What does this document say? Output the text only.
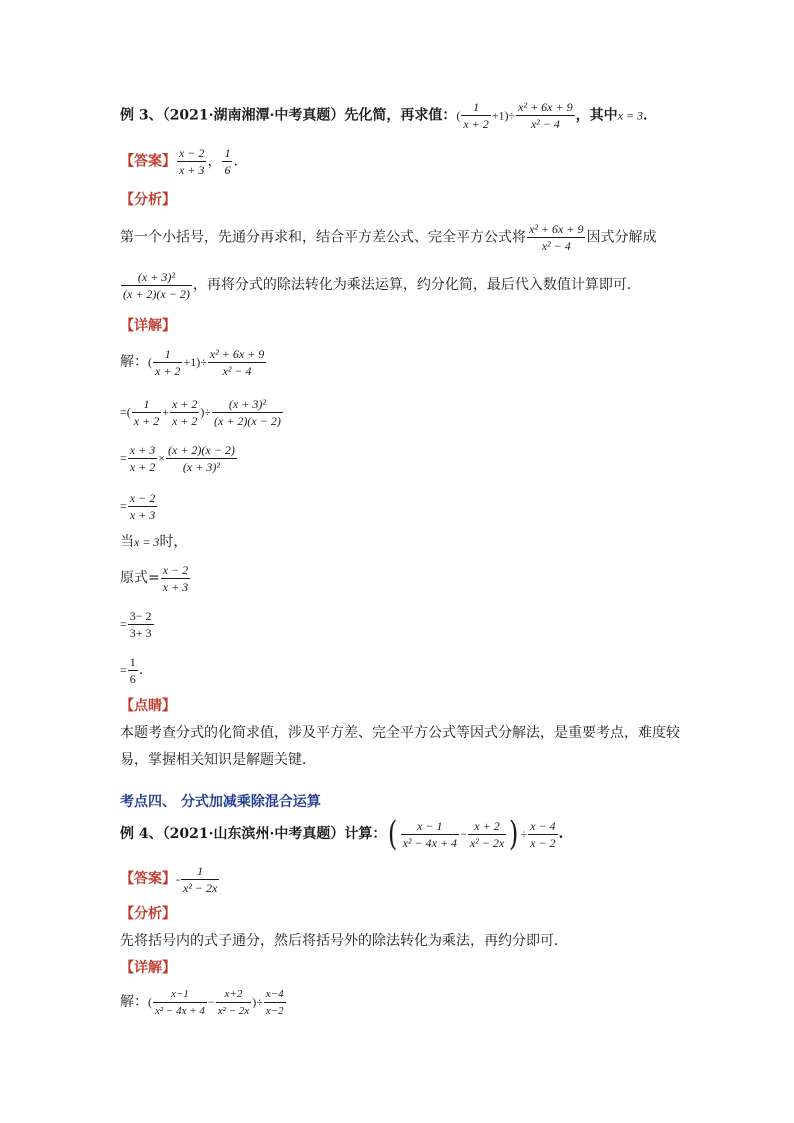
例 3、（2021·湖南湘潭·中考真题）先化简，再求值：( $\frac{1}{x + 2} +1)\div \frac{\text{x² + 6x + 9}}{\text{x² − 4}}$ ，其中x = 3．
【答案】 $\frac{x - 2}{x + 3}$ ， $\frac{1}{6}$ .
【分析】
第一个小括号，先通分再求和，结合平方差公式、完全平方公式将 $\frac{\text{x² + 6x + 9}}{\text{x² − 4}}$ 因式分解成
$\frac{\text{(x + 3)²}}{(x + 2)(x - 2)}$ ，再将分式的除法转化为乘法运算，约分化简，最后代入数值计算即可．
【详解】
解：( $\frac{1}{x + 2} +1)\div \frac{\text{x² + 6x + 9}}{\text{x² − 4}}$
=( $\frac{1}{x + 2} + \frac{x + 2}{x + 2}$ )÷ $\frac{\text{(x + 3)²}}{(x + 2)(x - 2)}$
= $\frac{x + 3}{x + 2} \times \frac{(x + 2)(x - 2)}{\text{(x + 3)²}}$
= $\frac{x - 2}{x + 3}$
当x = 3时，
原式= $\frac{x - 2}{x + 3}$
= $\frac{3- 2}{3+ 3}$
= $\frac{1}{6}$ .
【点睛】
本题考查分式的化简求值，涉及平方差、完全平方公式等因式分解法，是重要考点，难度较
易，掌握相关知识是解题关键．
考点四、 分式加减乘除混合运算
例 4、（2021·山东滨州·中考真题）计算：( $\frac{x - 1}{\text{x² − 4x + 4}} - \frac{x + 2}{\text{x² − 2x}}$ ) ÷ $\frac{x - 4}{x - 2}$ .
【答案】- $\frac{1}{\text{x² − 2x}}$
【分析】
先将括号内的式子通分，然后将括号外的除法转化为乘法，再约分即可．
【详解】
解：( $\frac{x-1}{\text{x² − 4x + 4}} - \frac{x+2}{\text{x² − 2x}}$ )÷ $\frac{x-4}{x-2}$
